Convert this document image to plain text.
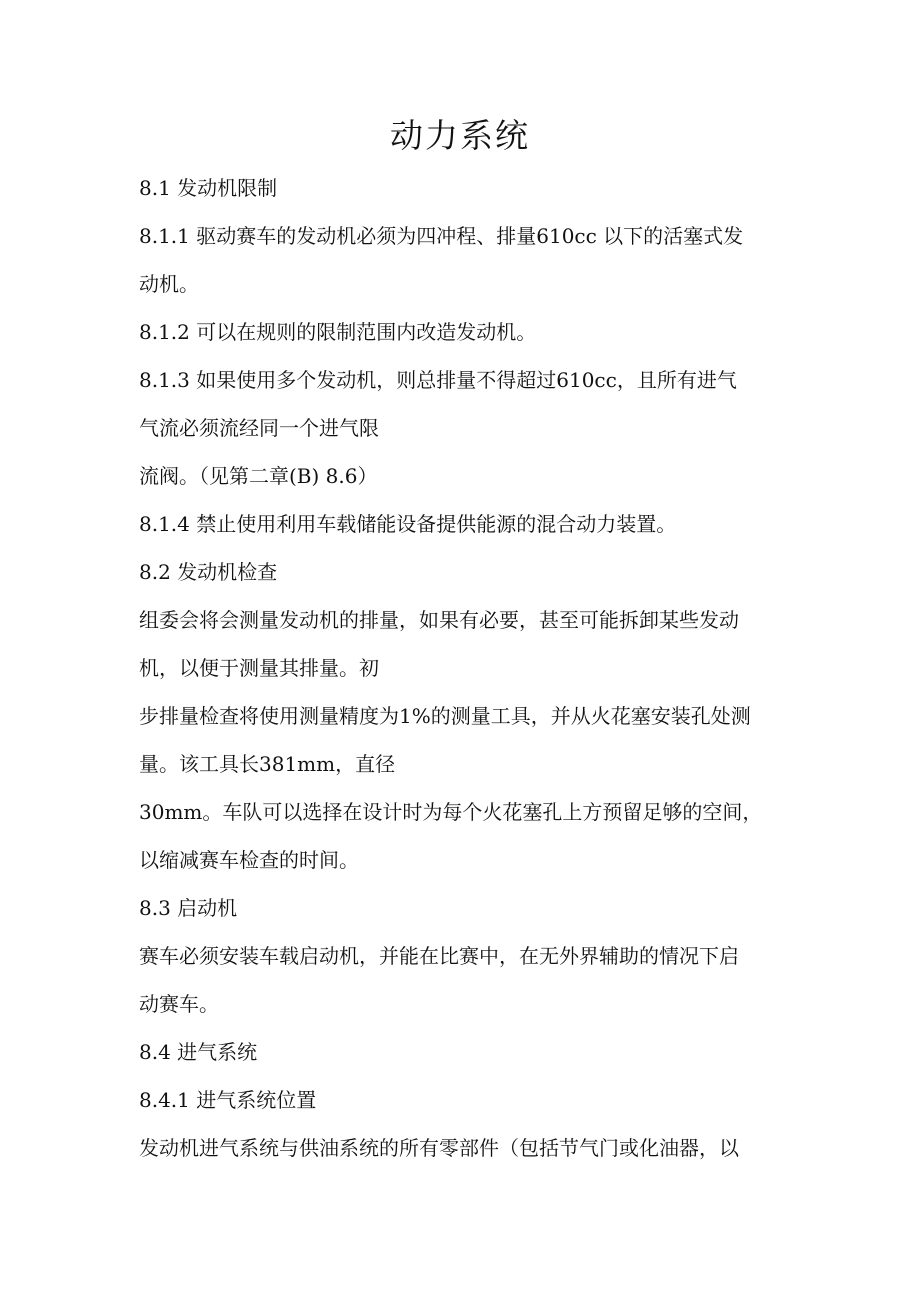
动力系统

8.1 发动机限制

8.1.1 驱动赛车的发动机必须为四冲程、排量610cc 以下的活塞式发

动机。

8.1.2 可以在规则的限制范围内改造发动机。

8.1.3 如果使用多个发动机，则总排量不得超过610cc，且所有进气

气流必须流经同一个进气限

流阀。（见第二章(B) 8.6）

8.1.4 禁止使用利用车载储能设备提供能源的混合动力装置。

8.2 发动机检查

组委会将会测量发动机的排量，如果有必要，甚至可能拆卸某些发动

机，以便于测量其排量。初

步排量检查将使用测量精度为1%的测量工具，并从火花塞安装孔处测

量。该工具长381mm，直径

30mm。车队可以选择在设计时为每个火花塞孔上方预留足够的空间，

以缩减赛车检查的时间。

8.3 启动机

赛车必须安装车载启动机，并能在比赛中，在无外界辅助的情况下启

动赛车。

8.4 进气系统

8.4.1 进气系统位置

发动机进气系统与供油系统的所有零部件（包括节气门或化油器，以
